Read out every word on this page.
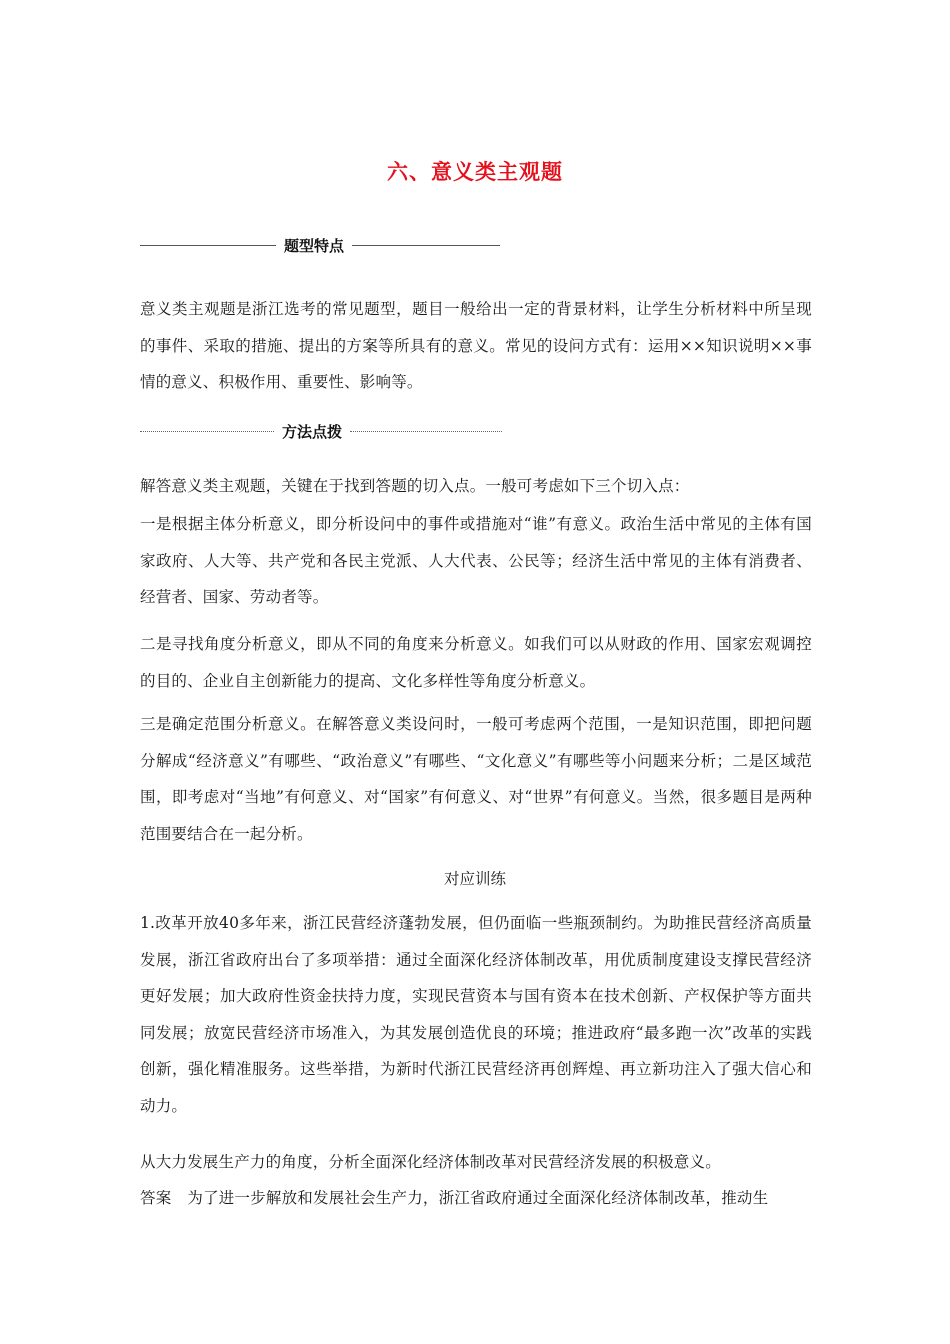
六、意义类主观题
题型特点

意义类主观题是浙江选考的常见题型，题目一般给出一定的背景材料，让学生分析材料中所呈现的事件、采取的措施、提出的方案等所具有的意义。常见的设问方式有：运用××知识说明××事情的意义、积极作用、重要性、影响等。

方法点拨

解答意义类主观题，关键在于找到答题的切入点。一般可考虑如下三个切入点：

一是根据主体分析意义，即分析设问中的事件或措施对“谁”有意义。政治生活中常见的主体有国家政府、人大等、共产党和各民主党派、人大代表、公民等；经济生活中常见的主体有消费者、经营者、国家、劳动者等。

二是寻找角度分析意义，即从不同的角度来分析意义。如我们可以从财政的作用、国家宏观调控的目的、企业自主创新能力的提高、文化多样性等角度分析意义。

三是确定范围分析意义。在解答意义类设问时，一般可考虑两个范围，一是知识范围，即把问题分解成“经济意义”有哪些、“政治意义”有哪些、“文化意义”有哪些等小问题来分析；二是区域范围，即考虑对“当地”有何意义、对“国家”有何意义、对“世界”有何意义。当然，很多题目是两种范围要结合在一起分析。

对应训练

1.改革开放40多年来，浙江民营经济蓬勃发展，但仍面临一些瓶颈制约。为助推民营经济高质量发展，浙江省政府出台了多项举措：通过全面深化经济体制改革，用优质制度建设支撑民营经济更好发展；加大政府性资金扶持力度，实现民营资本与国有资本在技术创新、产权保护等方面共同发展；放宽民营经济市场准入，为其发展创造优良的环境；推进政府“最多跑一次”改革的实践创新，强化精准服务。这些举措，为新时代浙江民营经济再创辉煌、再立新功注入了强大信心和动力。

从大力发展生产力的角度，分析全面深化经济体制改革对民营经济发展的积极意义。

答案 为了进一步解放和发展社会生产力，浙江省政府通过全面深化经济体制改革，推动生
